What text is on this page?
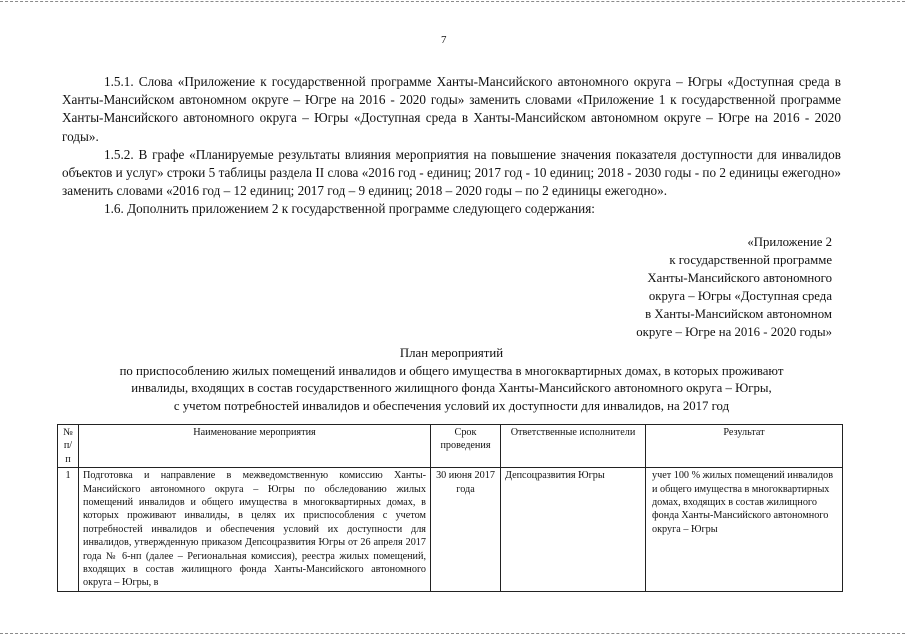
7

1.5.1. Слова «Приложение к государственной программе Ханты-Мансийского автономного округа – Югры «Доступная среда в Ханты-Мансийском автономном округе – Югре на 2016 - 2020 годы» заменить словами «Приложение 1 к государственной программе Ханты-Мансийского автономного округа – Югры «Доступная среда в Ханты-Мансийском автономном округе – Югре на 2016 - 2020 годы».

1.5.2. В графе «Планируемые результаты влияния мероприятия на повышение значения показателя доступности для инвалидов объектов и услуг» строки 5 таблицы раздела II слова «2016 год - единиц; 2017 год - 10 единиц; 2018 - 2030 годы - по 2 единицы ежегодно» заменить словами «2016 год – 12 единиц; 2017 год – 9 единиц; 2018 – 2020 годы – по 2 единицы ежегодно».

1.6. Дополнить приложением 2 к государственной программе следующего содержания:

«Приложение 2
к государственной программе
Ханты-Мансийского автономного
округа – Югры «Доступная среда
в Ханты-Мансийском автономном
округе – Югре на 2016 - 2020 годы»
План мероприятий
по приспособлению жилых помещений инвалидов и общего имущества в многоквартирных домах, в которых проживают
инвалиды, входящих в состав государственного жилищного фонда Ханты-Мансийского автономного округа – Югры,
с учетом потребностей инвалидов и обеспечения условий их доступности для инвалидов, на 2017 год
№ п/п	Наименование мероприятия	Срок проведения	Ответственные исполнители	Результат
1	Подготовка и направление в межведомственную комиссию Ханты-Мансийского автономного округа – Югры по обследованию жилых помещений инвалидов и общего имущества в многоквартирных домах, в которых проживают инвалиды, в целях их приспособления с учетом потребностей инвалидов и обеспечения условий их доступности для инвалидов, утвержденную приказом Депсоцразвития Югры от 26 апреля 2017 года № 6-нп (далее – Региональная комиссия), реестра жилых помещений, входящих в состав жилищного фонда Ханты-Мансийского автономного округа – Югры, в	30 июня 2017 года	Депсоцразвития Югры	учет 100 % жилых помещений инвалидов и общего имущества в многоквартирных домах, входящих в состав жилищного фонда Ханты-Мансийского автономного округа – Югры
